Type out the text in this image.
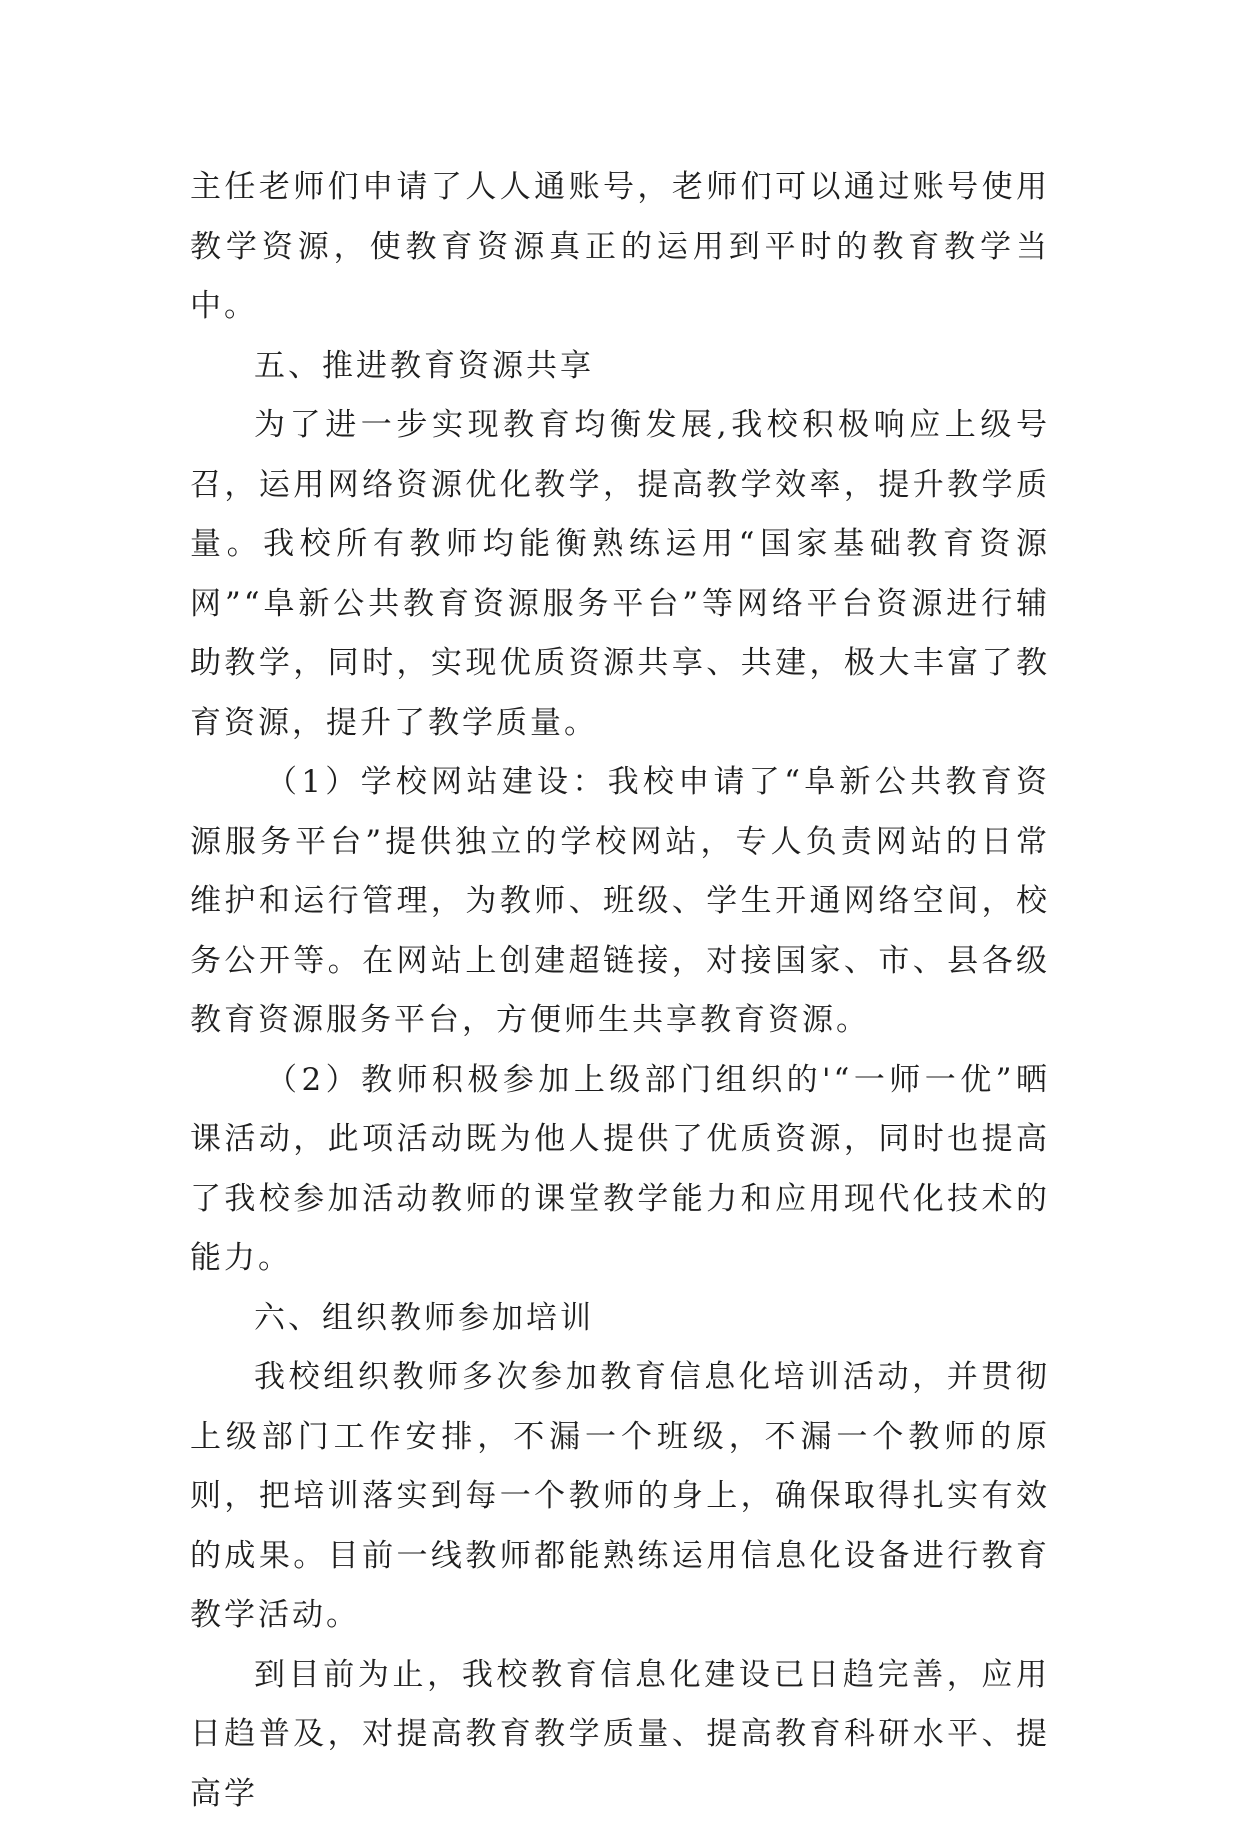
主任老师们申请了人人通账号，老师们可以通过账号使用教学资源，使教育资源真正的运用到平时的教育教学当中。

五、推进教育资源共享

为了进一步实现教育均衡发展,我校积极响应上级号召，运用网络资源优化教学，提高教学效率，提升教学质量。我校所有教师均能衡熟练运用“国家基础教育资源网”“阜新公共教育资源服务平台”等网络平台资源进行辅助教学，同时，实现优质资源共享、共建，极大丰富了教育资源，提升了教学质量。

（1）学校网站建设：我校申请了“阜新公共教育资源服务平台”提供独立的学校网站，专人负责网站的日常维护和运行管理，为教师、班级、学生开通网络空间，校务公开等。在网站上创建超链接，对接国家、市、县各级教育资源服务平台，方便师生共享教育资源。

（2）教师积极参加上级部门组织的'“一师一优”晒课活动，此项活动既为他人提供了优质资源，同时也提高了我校参加活动教师的课堂教学能力和应用现代化技术的能力。

六、组织教师参加培训

我校组织教师多次参加教育信息化培训活动，并贯彻上级部门工作安排，不漏一个班级，不漏一个教师的原则，把培训落实到每一个教师的身上，确保取得扎实有效的成果。目前一线教师都能熟练运用信息化设备进行教育教学活动。

到目前为止，我校教育信息化建设已日趋完善，应用日趋普及，对提高教育教学质量、提高教育科研水平、提高学
